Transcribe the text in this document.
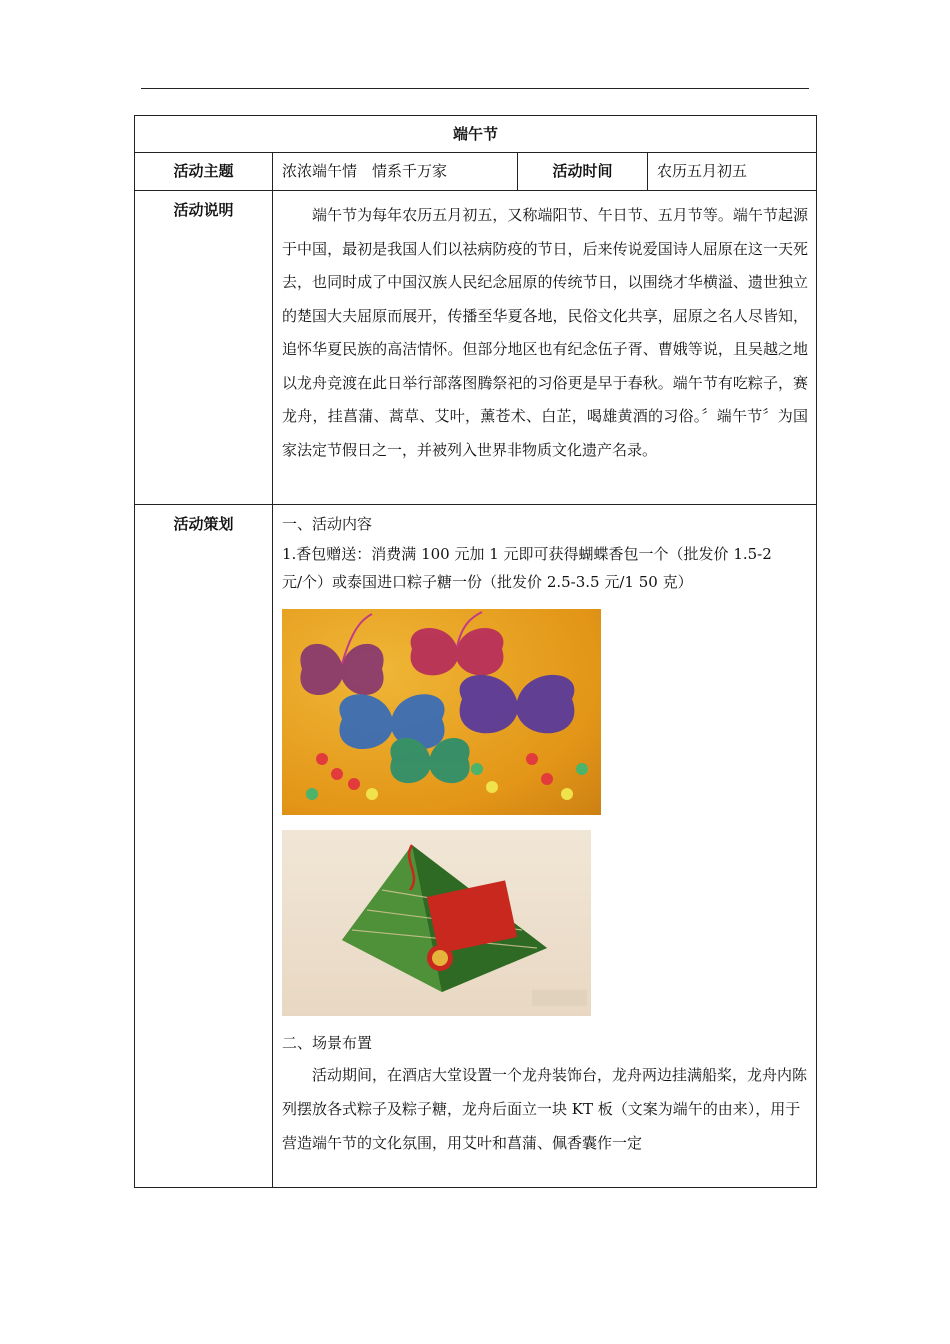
端午节			
活动主题	浓浓端午情　情系千万家	活动时间	农历五月初五
活动说明	端午节为每年农历五月初五，又称端阳节、午日节、五月节等。端午节起源于中国，最初是我国人们以祛病防疫的节日，后来传说爱国诗人屈原在这一天死去，也同时成了中国汉族人民纪念屈原的传统节日，以围绕才华横溢、遗世独立的楚国大夫屈原而展开，传播至华夏各地，民俗文化共享，屈原之名人尽皆知，追怀华夏民族的高洁情怀。但部分地区也有纪念伍子胥、曹娥等说，且吴越之地以龙舟竞渡在此日举行部落图腾祭祀的习俗更是早于春秋。端午节有吃粽子，赛龙舟，挂菖蒲、蒿草、艾叶，薰苍术、白芷，喝雄黄酒的习俗。〞端午节〞为国家法定节假日之一，并被列入世界非物质文化遗产名录。		

活动策划	一、活动内容
1.香包赠送：消费满 100 元加 1 元即可获得蝴蝶香包一个（批发价 1.5-2
元/个）或泰国进口粽子糖一份（批发价 2.5-3.5 元/1 50 克）
二、场景布置
活动期间，在酒店大堂设置一个龙舟装饰台，龙舟两边挂满船桨，龙舟内陈列摆放各式粽子及粽子糖，龙舟后面立一块 KT 板（文案为端午的由来），用于营造端午节的文化氛围，用艾叶和菖蒲、佩香囊作一定		
